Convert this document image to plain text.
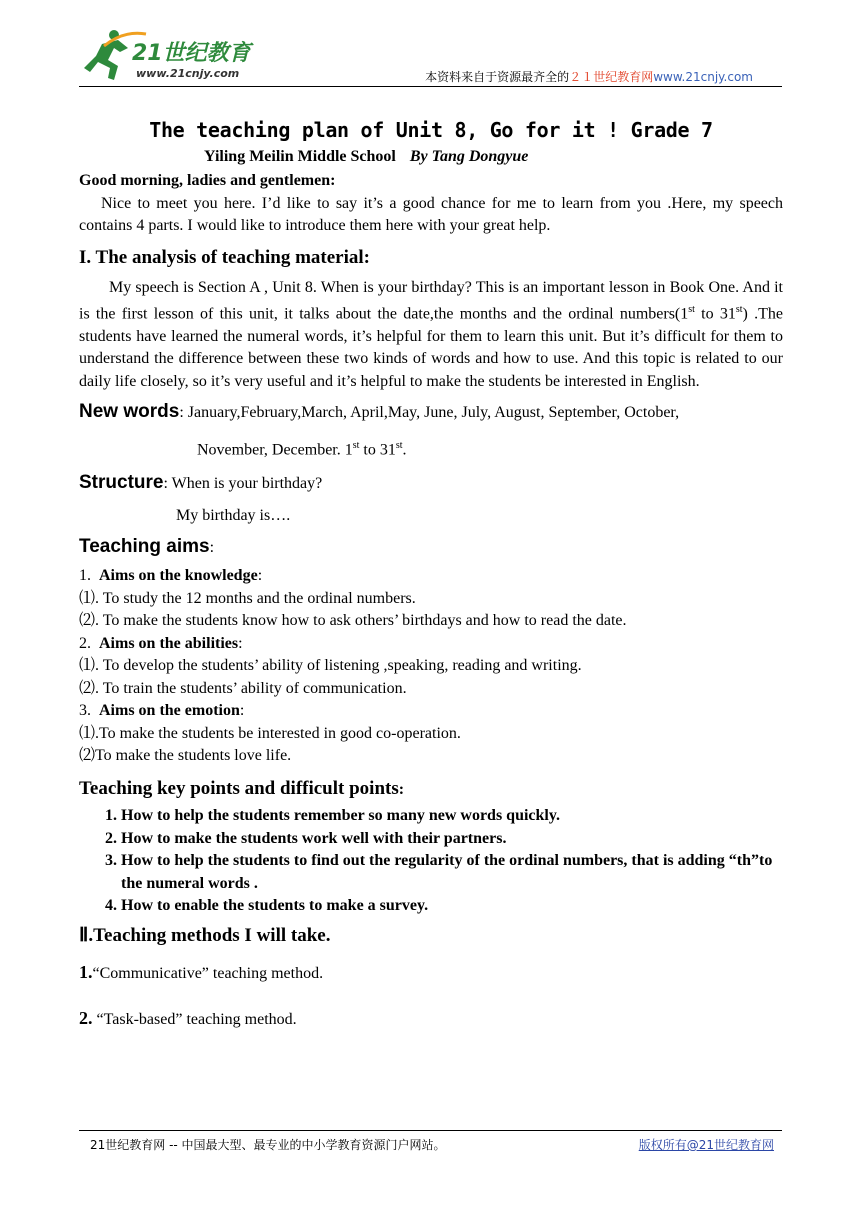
21世纪教育
www.21cnjy.com	本资料来自于资源最齐全的２１世纪教育网www.21cnjy.com
The teaching plan of Unit 8, Go for it ! Grade 7
Yiling Meilin Middle School By Tang Dongyue

Good morning, ladies and gentlemen:

Nice to meet you here. I’d like to say it’s a good chance for me to learn from you .Here, my speech contains 4 parts. I would like to introduce them here with your great help.

I. The analysis of teaching material:

My speech is Section A , Unit 8. When is your birthday? This is an important lesson in Book One. And it is the first lesson of this unit, it talks about the date,the months and the ordinal numbers(1st to 31st) .The students have learned the numeral words, it’s helpful for them to learn this unit. But it’s difficult for them to understand the difference between these two kinds of words and how to use. And this topic is related to our daily life closely, so it’s very useful and it’s helpful to make the students be interested in English.

New words: January,February,March, April,May, June, July, August, September, October,

November, December. 1st to 31st.

Structure: When is your birthday?

My birthday is….

Teaching aims:

1. Aims on the knowledge:

⑴. To study the 12 months and the ordinal numbers.

⑵. To make the students know how to ask others’ birthdays and how to read the date.

2. Aims on the abilities:

⑴. To develop the students’ ability of listening ,speaking, reading and writing.

⑵. To train the students’ ability of communication.

3. Aims on the emotion:

⑴.To make the students be interested in good co-operation.

⑵To make the students love life.

Teaching key points and difficult points:

1. How to help the students remember so many new words quickly.
2. How to make the students work well with their partners.
3. How to help the students to find out the regularity of the ordinal numbers, that is adding “th”to the numeral words .
4. How to enable the students to make a survey.
Ⅱ.Teaching methods I will take.

1.“Communicative” teaching method.

2. “Task-based” teaching method.

21世纪教育网 -- 中国最大型、最专业的中小学教育资源门户网站。	版权所有@21世纪教育网
